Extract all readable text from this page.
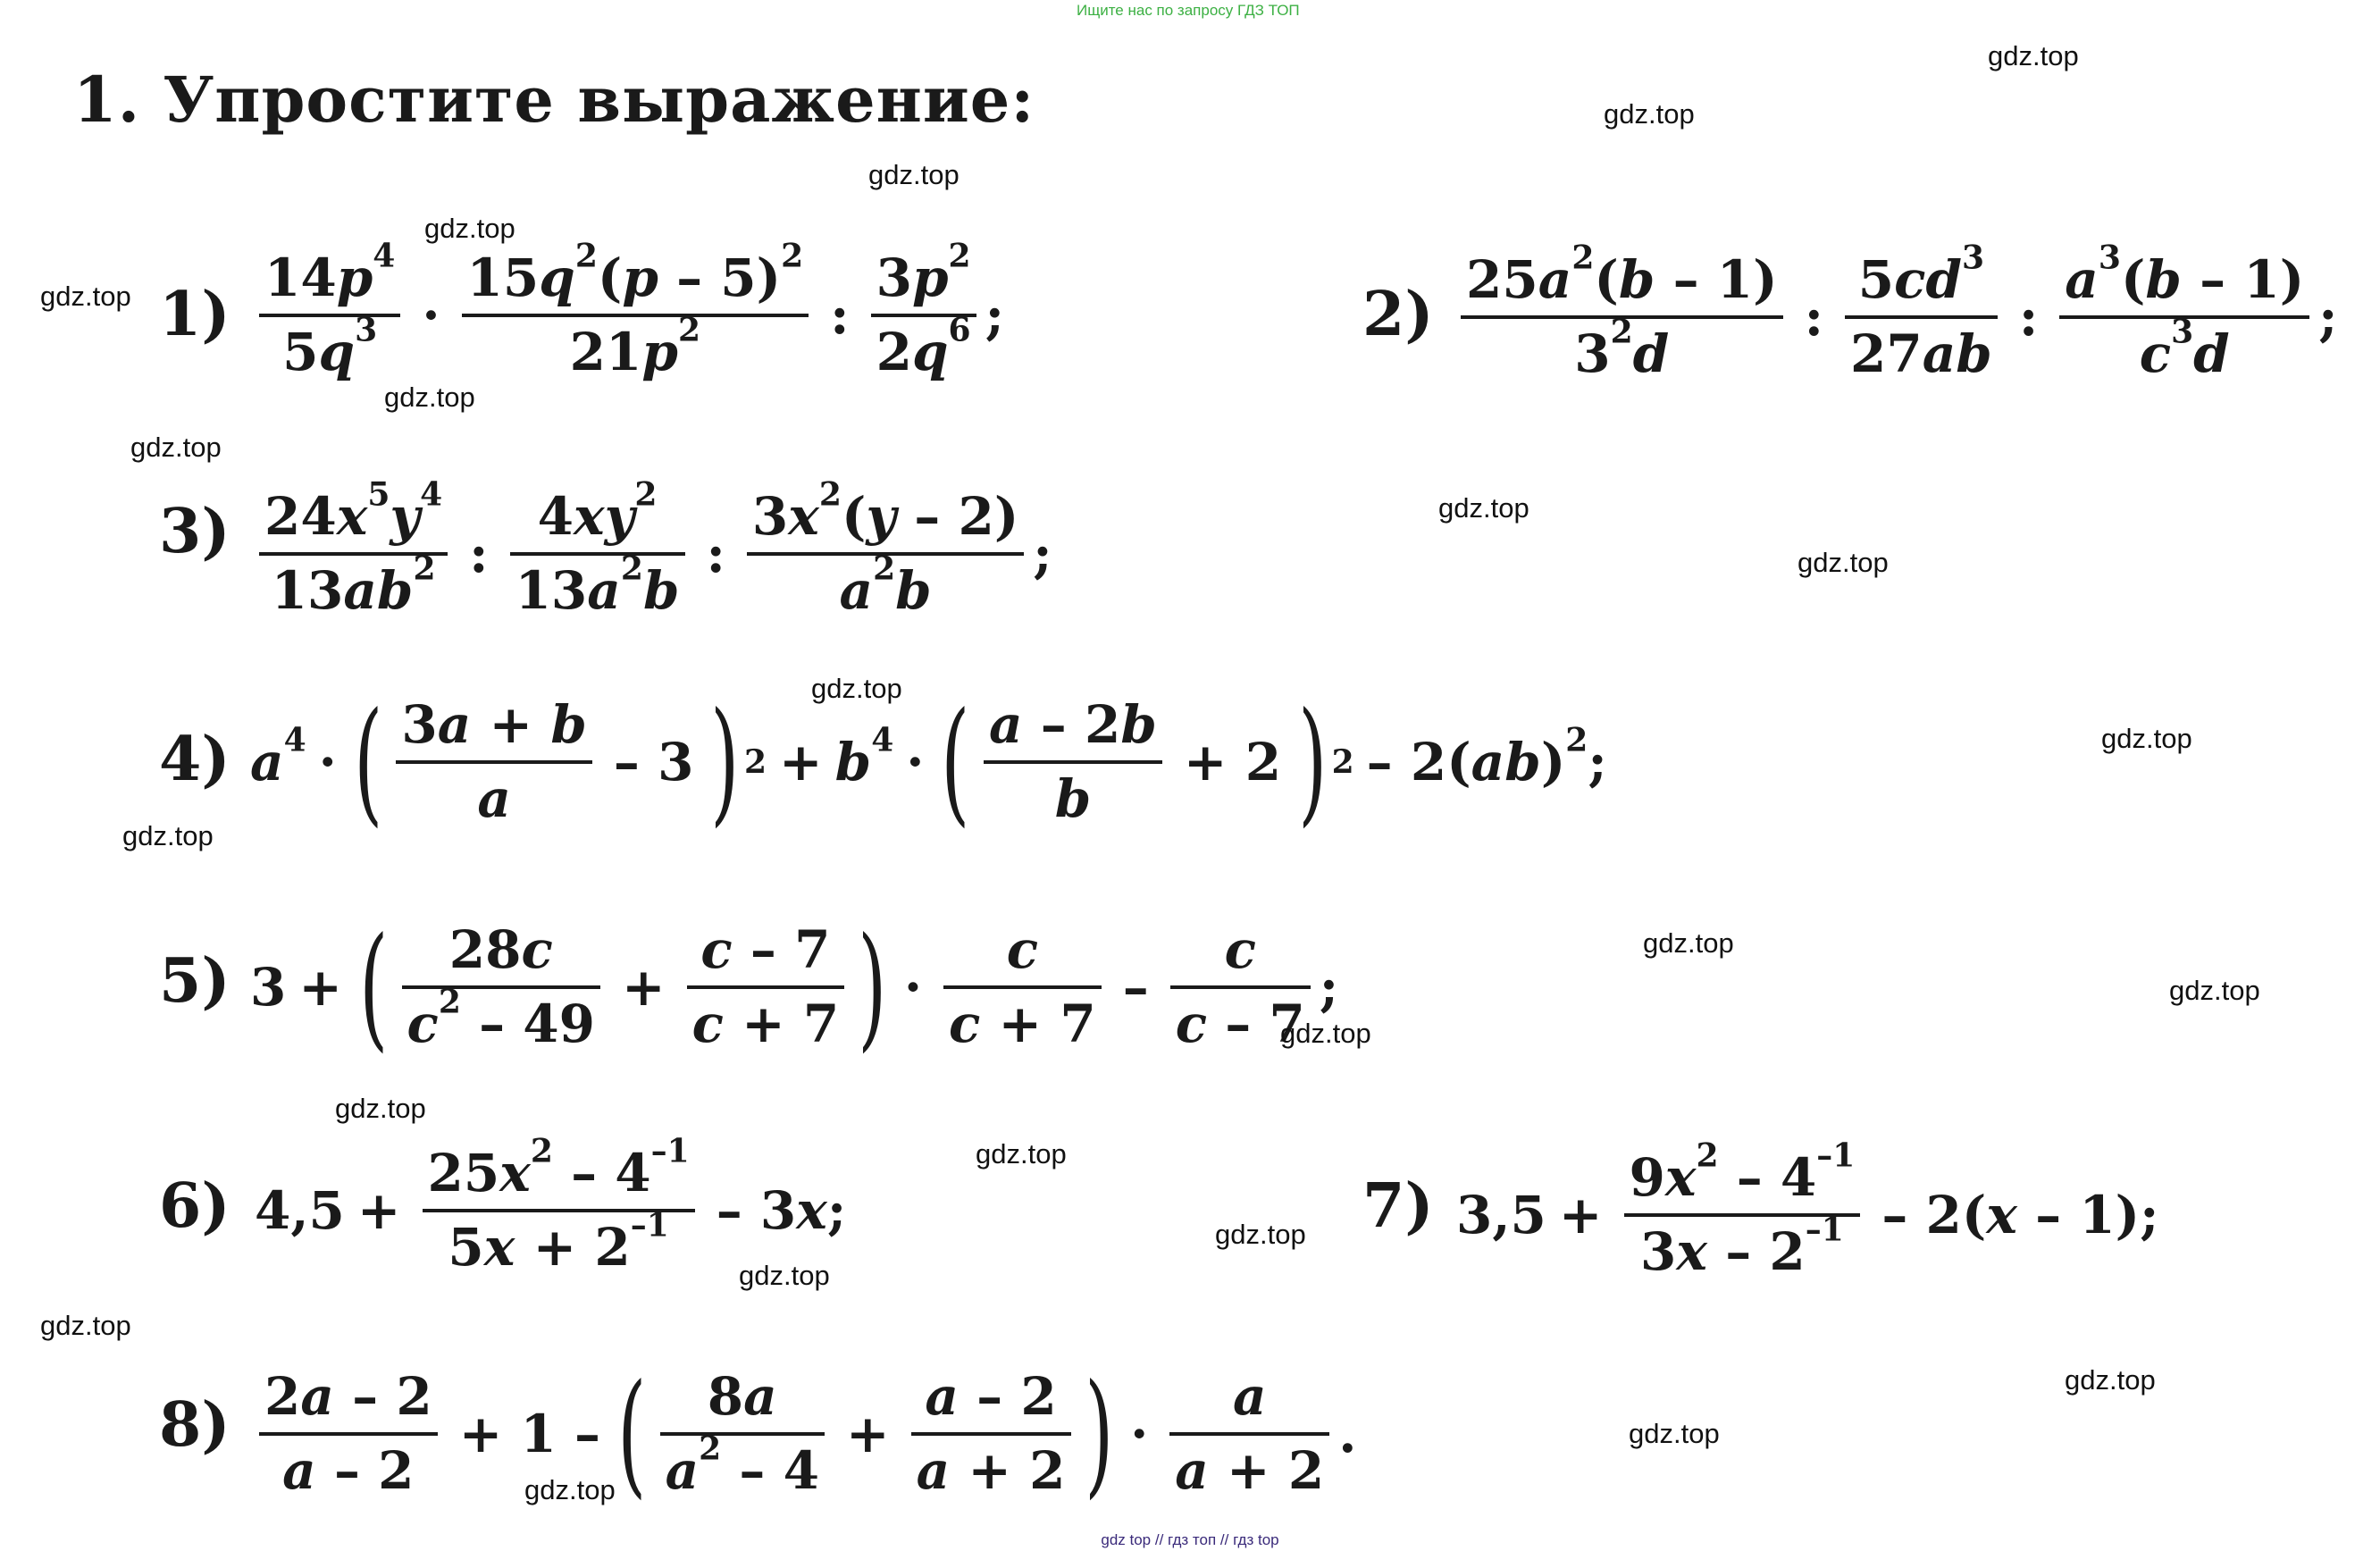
Ищите нас по запросу ГДЗ ТОП
1. Упростите выражение:
$1) \frac{14p^4}{5q^3} \cdot \frac{15q^2(p - 5)^2}{21p^2}$ : $\frac{3p^2}{2q^6}$ ;	$2) \frac{25a^2(b - 1)}{3^2d}$ : $\frac{5cd^3}{27ab}$ : $\frac{a^3(b - 1)}{c^3d}$ ;
$3) \frac{24x^5y^4}{13ab^2}$ : $\frac{4xy^2}{13a^2b}$ : $\frac{3x^2(y - 2)}{a^2b}$ ;
4) $a^4$ · ( $\frac{3a + b}{a} - 3$ ) $2 + b^4$ · ( $\frac{a - 2b}{b} + 2$ ) 2 – 2(ab)$^2$;
5) 3 + ( $\frac{28c}{c^2 - 49} + \frac{c - 7}{c + 7}$ ) · $\frac{c}{c + 7} - \frac{c}{c - 7}$ ;
6) $4,5 + \frac{25x^2 - 4^{-1}}{5x + 2^{-1}} - 3x$;	7) $3,5 + \frac{9x^2 - 4^{-1}}{3x - 2^{-1}} - 2(x - 1)$;
$8) \frac{2a - 2}{a - 2} + 1$ – ( $\frac{8a}{a^2 - 4} + \frac{a - 2}{a + 2}$ ) · $\frac{a}{a + 2}$ .
gdz.top
gdz.top
gdz.top
gdz.top
gdz.top
gdz.top
gdz.top
gdz.top
gdz.top
gdz.top
gdz.top
gdz.top
gdz.top
gdz.top
gdz.top
gdz.top
gdz.top
gdz.top
gdz.top
gdz.top
gdz.top
gdz.top
gdz.top
gdz top // гдз топ // гдз top
